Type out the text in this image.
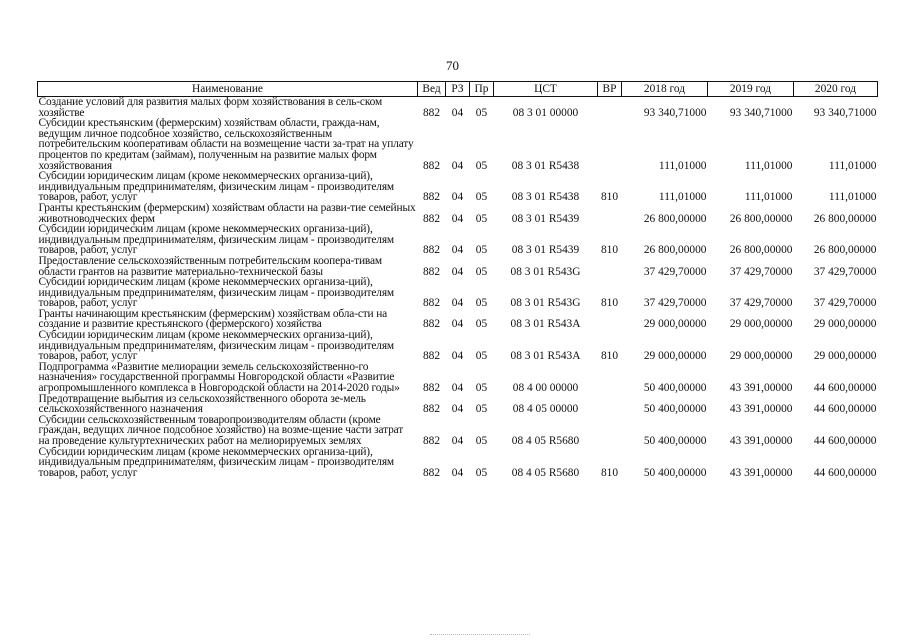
70
Наименование	Вед	РЗ	Пр	ЦСТ	ВР	2018 год	2019 год	2020 год
Создание условий для развития малых форм хозяйствования в сель-ском хозяйстве	882	04	05	08 3 01 00000		93 340,71000	93 340,71000	93 340,71000
Субсидии крестьянским (фермерским) хозяйствам области, гражда-нам, ведущим личное подсобное хозяйство, сельскохозяйственным потребительским кооперативам области на возмещение части за-трат на уплату процентов по кредитам (займам), полученным на развитие малых форм хозяйствования	882	04	05	08 3 01 R5438		111,01000	111,01000	111,01000
Субсидии юридическим лицам (кроме некоммерческих организа-ций), индивидуальным предпринимателям, физическим лицам - производителям товаров, работ, услуг	882	04	05	08 3 01 R5438	810	111,01000	111,01000	111,01000
Гранты крестьянским (фермерским) хозяйствам области на разви-тие семейных животноводческих ферм	882	04	05	08 3 01 R5439		26 800,00000	26 800,00000	26 800,00000
Субсидии юридическим лицам (кроме некоммерческих организа-ций), индивидуальным предпринимателям, физическим лицам - производителям товаров, работ, услуг	882	04	05	08 3 01 R5439	810	26 800,00000	26 800,00000	26 800,00000
Предоставление сельскохозяйственным потребительским коопера-тивам области грантов на развитие материально-технической базы	882	04	05	08 3 01 R543G		37 429,70000	37 429,70000	37 429,70000
Субсидии юридическим лицам (кроме некоммерческих организа-ций), индивидуальным предпринимателям, физическим лицам - производителям товаров, работ, услуг	882	04	05	08 3 01 R543G	810	37 429,70000	37 429,70000	37 429,70000
Гранты начинающим крестьянским (фермерским) хозяйствам обла-сти на создание и развитие крестьянского (фермерского) хозяйства	882	04	05	08 3 01 R543A		29 000,00000	29 000,00000	29 000,00000
Субсидии юридическим лицам (кроме некоммерческих организа-ций), индивидуальным предпринимателям, физическим лицам - производителям товаров, работ, услуг	882	04	05	08 3 01 R543A	810	29 000,00000	29 000,00000	29 000,00000
Подпрограмма «Развитие мелиорации земель сельскохозяйственно-го назначения» государственной программы Новгородской области «Развитие агропромышленного комплекса в Новгородской области на 2014-2020 годы»	882	04	05	08 4 00 00000		50 400,00000	43 391,00000	44 600,00000
Предотвращение выбытия из сельскохозяйственного оборота зе-мель сельскохозяйственного назначения	882	04	05	08 4 05 00000		50 400,00000	43 391,00000	44 600,00000
Субсидии сельскохозяйственным товаропроизводителям области (кроме граждан, ведущих личное подсобное хозяйство) на возме-щение части затрат на проведение культуртехнических работ на мелиорируемых землях	882	04	05	08 4 05 R5680		50 400,00000	43 391,00000	44 600,00000
Субсидии юридическим лицам (кроме некоммерческих организа-ций), индивидуальным предпринимателям, физическим лицам - производителям товаров, работ, услуг	882	04	05	08 4 05 R5680	810	50 400,00000	43 391,00000	44 600,00000
